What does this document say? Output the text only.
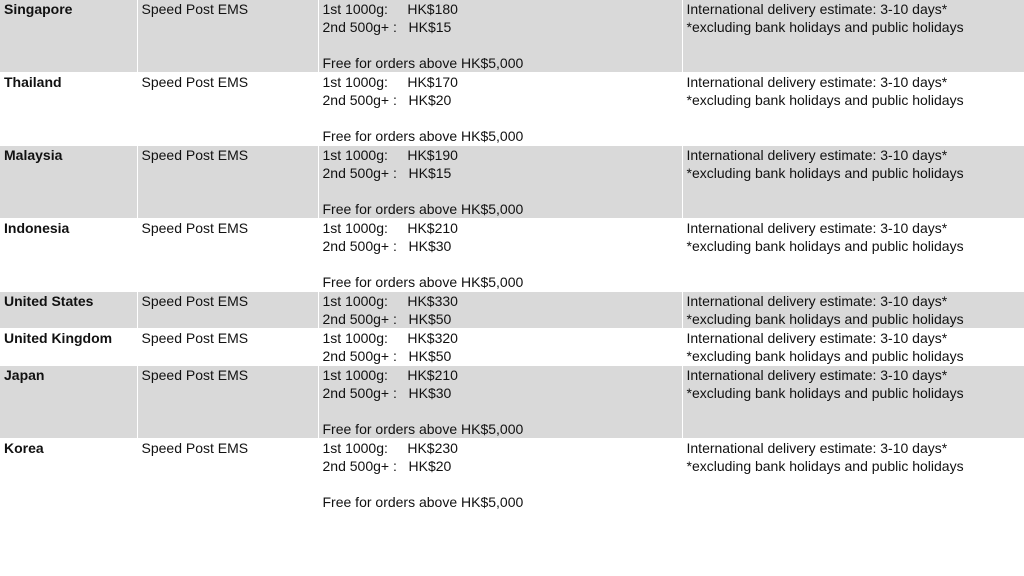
Singapore	Speed Post EMS	1st 1000g:     HK$180
2nd 500g+ :   HK$15
Free for orders above HK$5,000	International delivery estimate: 3-10 days*
*excluding bank holidays and public holidays

Thailand	Speed Post EMS	1st 1000g:     HK$170
2nd 500g+ :   HK$20
Free for orders above HK$5,000	International delivery estimate: 3-10 days*
*excluding bank holidays and public holidays

Malaysia	Speed Post EMS	1st 1000g:     HK$190
2nd 500g+ :   HK$15
Free for orders above HK$5,000	International delivery estimate: 3-10 days*
*excluding bank holidays and public holidays

Indonesia	Speed Post EMS	1st 1000g:     HK$210
2nd 500g+ :   HK$30
Free for orders above HK$5,000	International delivery estimate: 3-10 days*
*excluding bank holidays and public holidays

United States	Speed Post EMS	1st 1000g:     HK$330
2nd 500g+ :   HK$50	International delivery estimate: 3-10 days*
*excluding bank holidays and public holidays

United Kingdom	Speed Post EMS	1st 1000g:     HK$320
2nd 500g+ :   HK$50	International delivery estimate: 3-10 days*
*excluding bank holidays and public holidays

Japan	Speed Post EMS	1st 1000g:     HK$210
2nd 500g+ :   HK$30
Free for orders above HK$5,000	International delivery estimate: 3-10 days*
*excluding bank holidays and public holidays

Korea	Speed Post EMS	1st 1000g:     HK$230
2nd 500g+ :   HK$20
Free for orders above HK$5,000	International delivery estimate: 3-10 days*
*excluding bank holidays and public holidays
